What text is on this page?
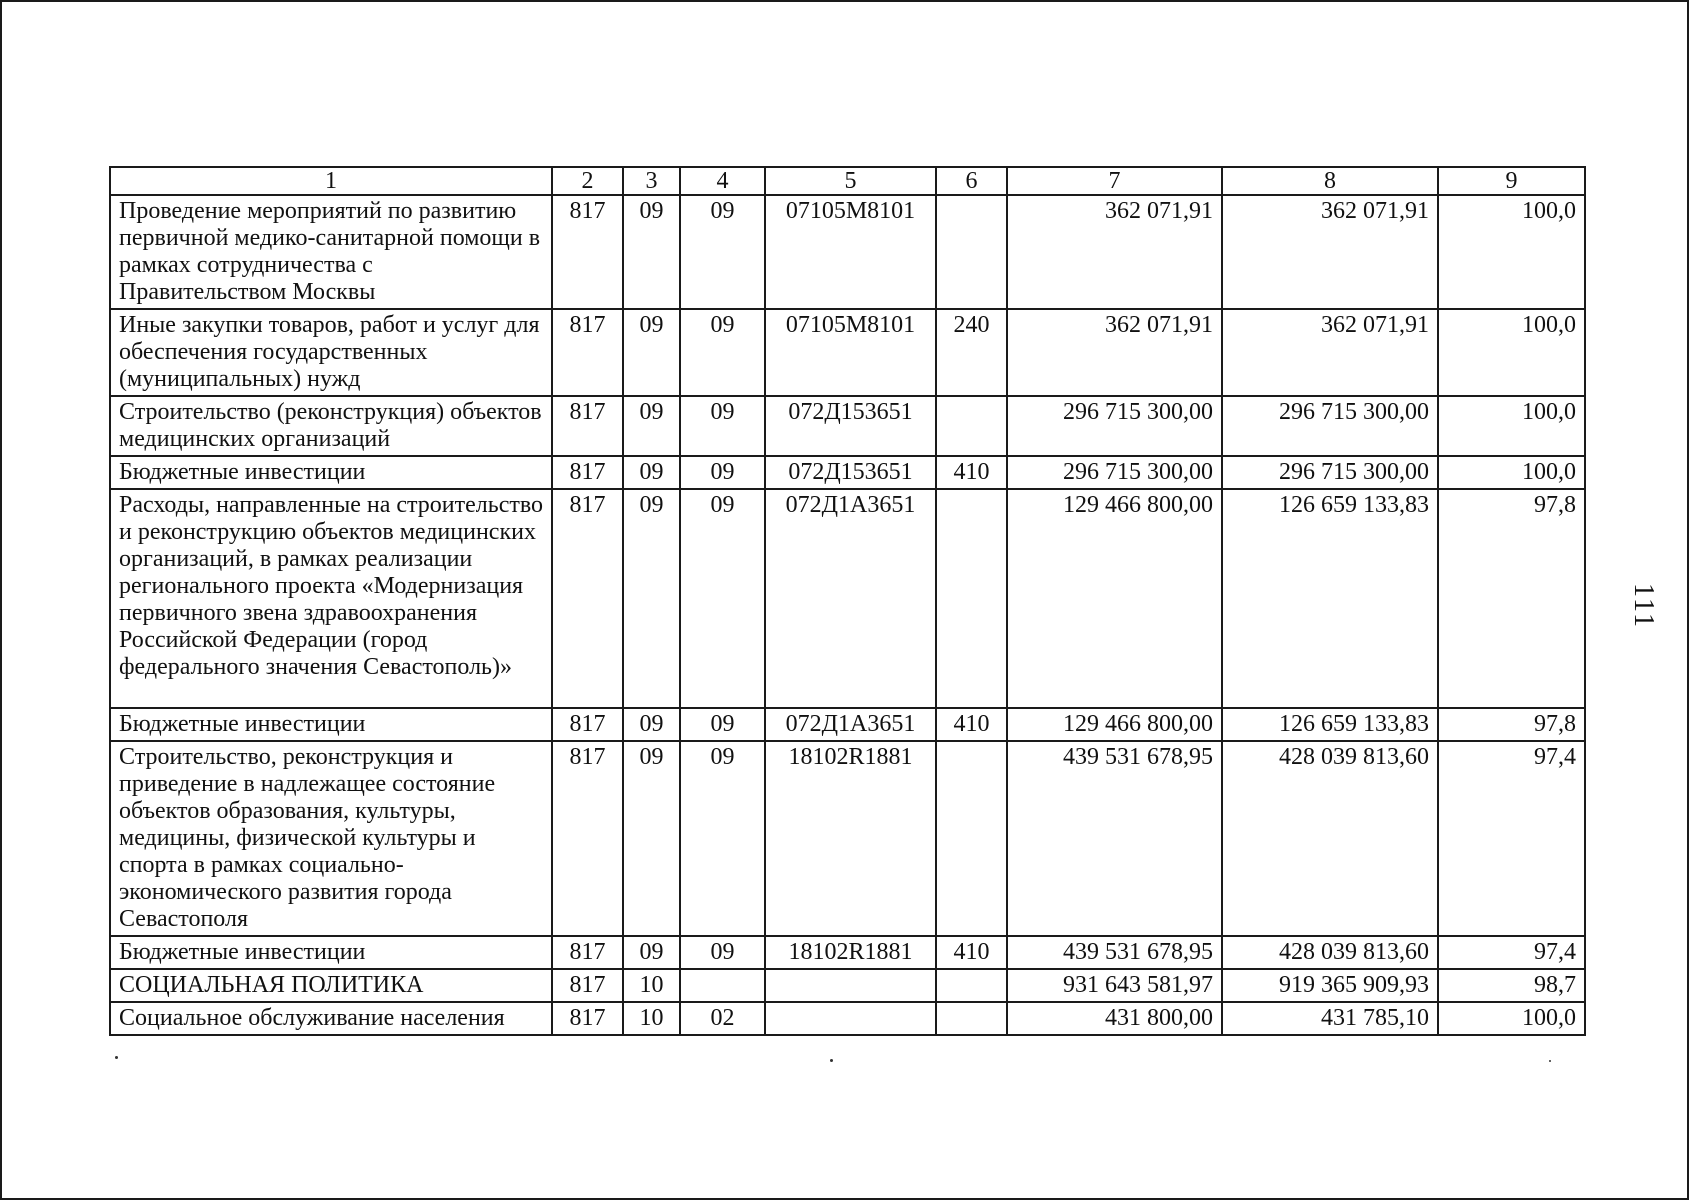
1	2	3	4	5	6	7	8	9
Проведение мероприятий по развитию первичной медико-санитарной помощи в рамках сотрудничества с Правительством Москвы	817	09	09	07105М8101		362 071,91	362 071,91	100,0
Иные закупки товаров, работ и услуг для обеспечения государственных (муниципальных) нужд	817	09	09	07105М8101	240	362 071,91	362 071,91	100,0
Строительство (реконструкция) объектов медицинских организаций	817	09	09	072Д153651		296 715 300,00	296 715 300,00	100,0
Бюджетные инвестиции	817	09	09	072Д153651	410	296 715 300,00	296 715 300,00	100,0
Расходы, направленные на строительство и реконструкцию объектов медицинских организаций, в рамках реализации регионального проекта «Модернизация первичного звена здравоохранения Российской Федерации (город федерального значения Севастополь)»	817	09	09	072Д1А3651		129 466 800,00	126 659 133,83	97,8
Бюджетные инвестиции	817	09	09	072Д1А3651	410	129 466 800,00	126 659 133,83	97,8
Строительство, реконструкция и приведение в надлежащее состояние объектов образования, культуры, медицины, физической культуры и спорта в рамках социально-экономического развития города Севастополя	817	09	09	18102R1881		439 531 678,95	428 039 813,60	97,4
Бюджетные инвестиции	817	09	09	18102R1881	410	439 531 678,95	428 039 813,60	97,4
СОЦИАЛЬНАЯ ПОЛИТИКА	817	10				931 643 581,97	919 365 909,93	98,7
Социальное обслуживание населения	817	10	02			431 800,00	431 785,10	100,0
111
